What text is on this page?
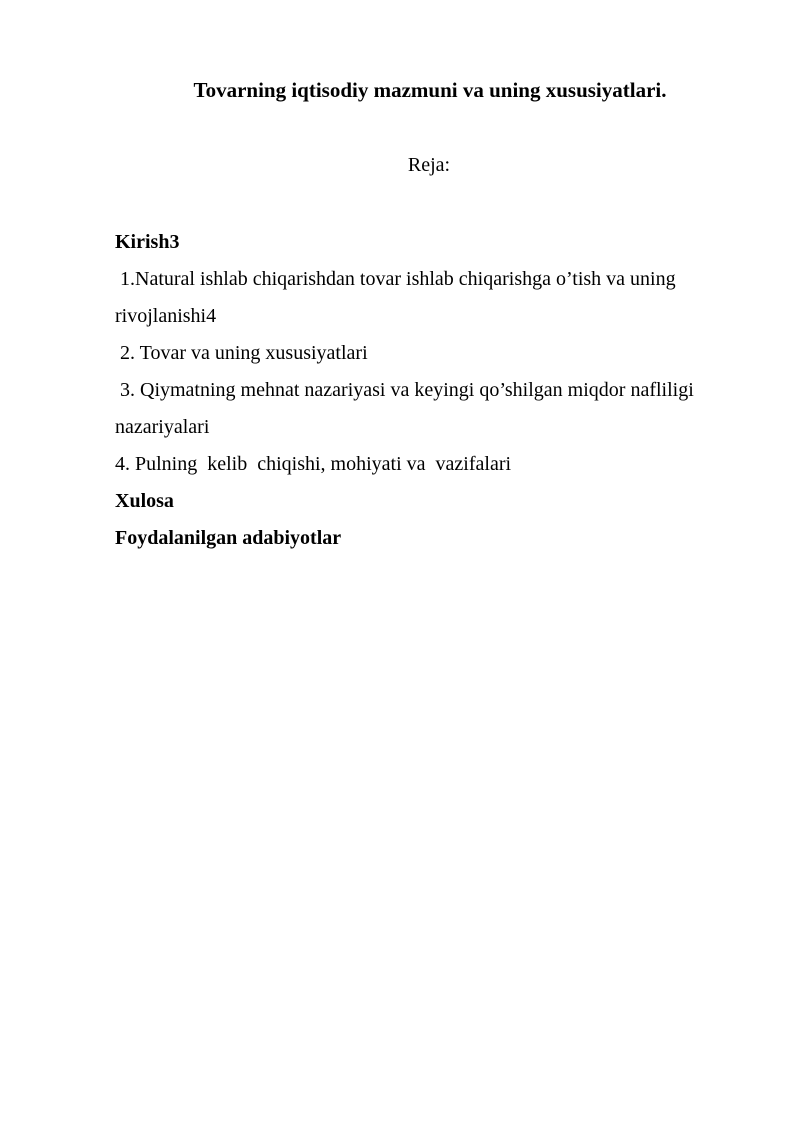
Tovarning iqtisodiy mazmuni va uning xususiyatlari.
Reja:

Kirish3

1.Natural ishlab chiqarishdan tovar ishlab chiqarishga o’tish va uning rivojlanishi4

2. Tovar va uning xususiyatlari

3. Qiymatning mehnat nazariyasi va keyingi qo’shilgan miqdor nafliligi nazariyalari

4. Pulning  kelib  chiqishi, mohiyati va  vazifalari

Xulosa

Foydalanilgan adabiyotlar
